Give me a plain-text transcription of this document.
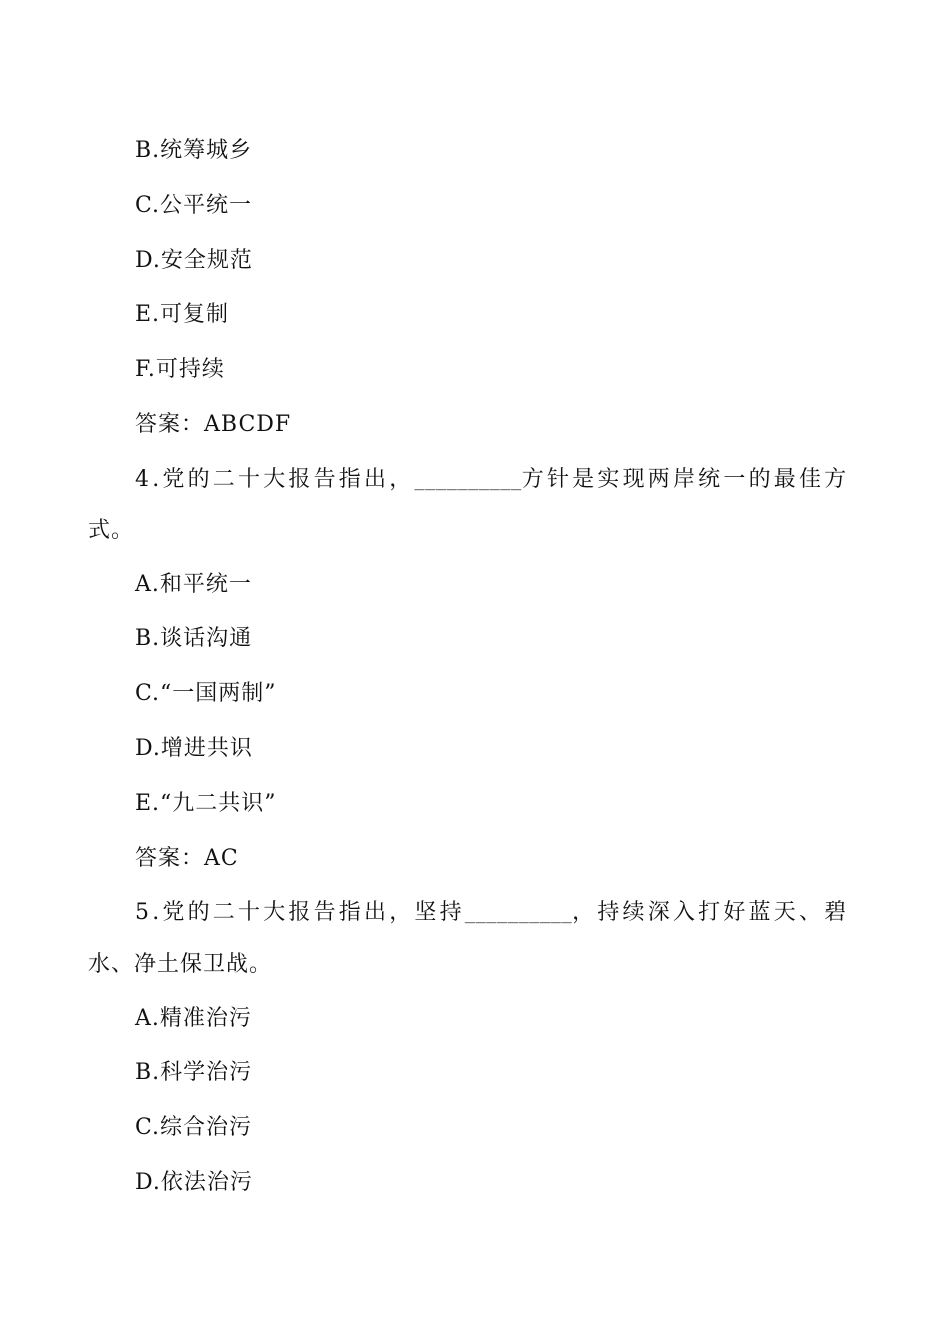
B.统筹城乡
C.公平统一
D.安全规范
E.可复制
F.可持续
答案：ABCDF
4.党的二十大报告指出，__________方针是实现两岸统一的最佳方
式。
A.和平统一
B.谈话沟通
C.“一国两制”
D.增进共识
E.“九二共识”
答案：AC
5.党的二十大报告指出，坚持__________，持续深入打好蓝天、碧
水、净土保卫战。
A.精准治污
B.科学治污
C.综合治污
D.依法治污
